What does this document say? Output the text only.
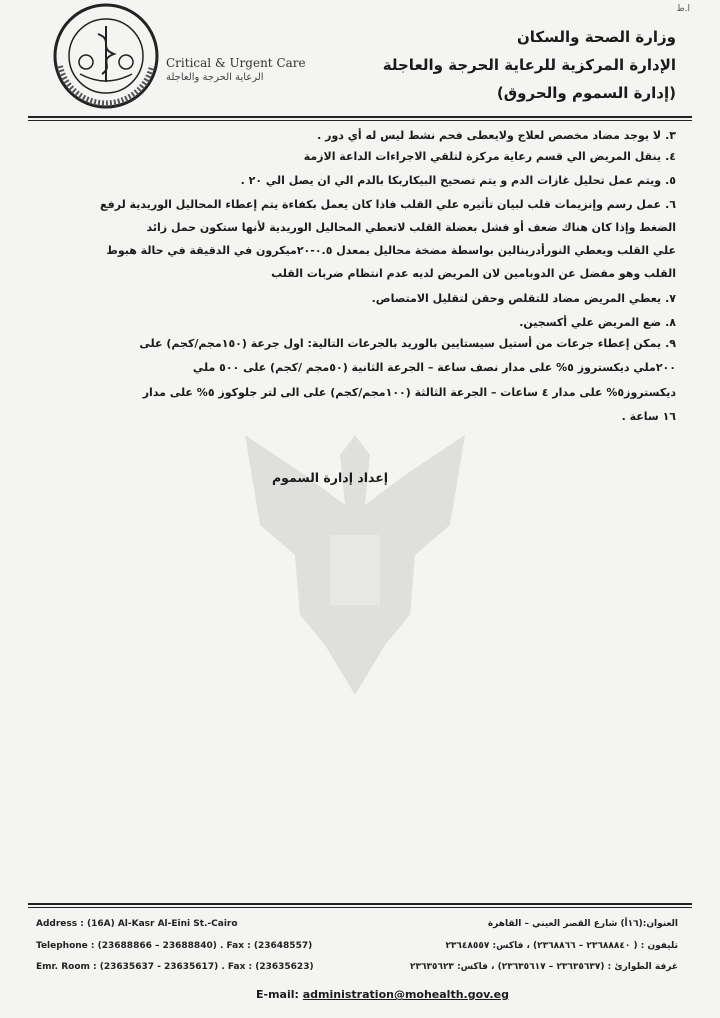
Critical & Urgent Care
الرعاية الحرجة والعاجلة
ا.ط
وزارة الصحة والسكان
الإدارة المركزية للرعاية الحرجة والعاجلة
(إدارة السموم والحروق)
٣.لا يوجد مضاد مخصص لعلاج ولايعطى فحم نشط ليس له أي دور .
٤.ينقل المريض الي قسم رعاية مركزة لتلقي الاجراءات الداعة الازمة
٥.ويتم عمل تحليل غازات الدم و يتم تصحيح البيكاربكا بالدم الي ان يصل الي ٢٠ .
٦.عمل رسم وإنزيمات قلب لبيان تأثيره علي القلب فاذا كان يعمل بكفاءة يتم إعطاء المحاليل الوريدية لرفع
الضغط وإذا كان هناك ضعف أو فشل بعضلة القلب لاتعطي المحاليل الوريدية لأنها ستكون حمل زائد
علي القلب ويعطي النورأدرينالين بواسطة مضخة محاليل بمعدل ٠.٥-٢٠ميكرون في الدقيقة في حالة هبوط
القلب وهو مفضل عن الدوبامين لان المريض لديه عدم انتظام ضربات القلب
٧.يعطي المريض مضاد للتقلص وحقن لتقليل الامتصاص.
٨.ضع المريض علي أكسجين.
٩.يمكن إعطاء جرعات من أستيل سيستايين بالوريد بالجرعات التالية: اول جرعة (١٥٠مجم/كجم) على
٢٠٠ملي ديكستروز ٥% على مدار نصف ساعة – الجرعة الثانية (٥٠مجم /كجم) على ٥٠٠ ملي
ديكستروز٥% على مدار ٤ ساعات – الجرعة الثالثة (١٠٠مجم/كجم) على الى لتر جلوكوز ٥% على مدار
١٦ ساعة .
إعداد إدارة السموم
Address : (16A) Al-Kasr Al-Eini St.-Cairo
Telephone : (23688866 – 23688840) . Fax : (23648557)
Emr. Room : (23635637 - 23635617) . Fax : (23635623)
العنوان:(١٦أ) شارع القصر العيني – القاهرة
تليفون : ( ٢٣٦٨٨٨٤٠ – ٢٣٦٨٨٦٦) ، فاكس: ٢٣٦٤٨٥٥٧
غرفة الطوارئ : (٢٣٦٣٥٦٣٧ – ٢٣٦٣٥٦١٧) ، فاكس: ٢٣٦٣٥٦٢٣
E-mail: administration@mohealth.gov.eg
